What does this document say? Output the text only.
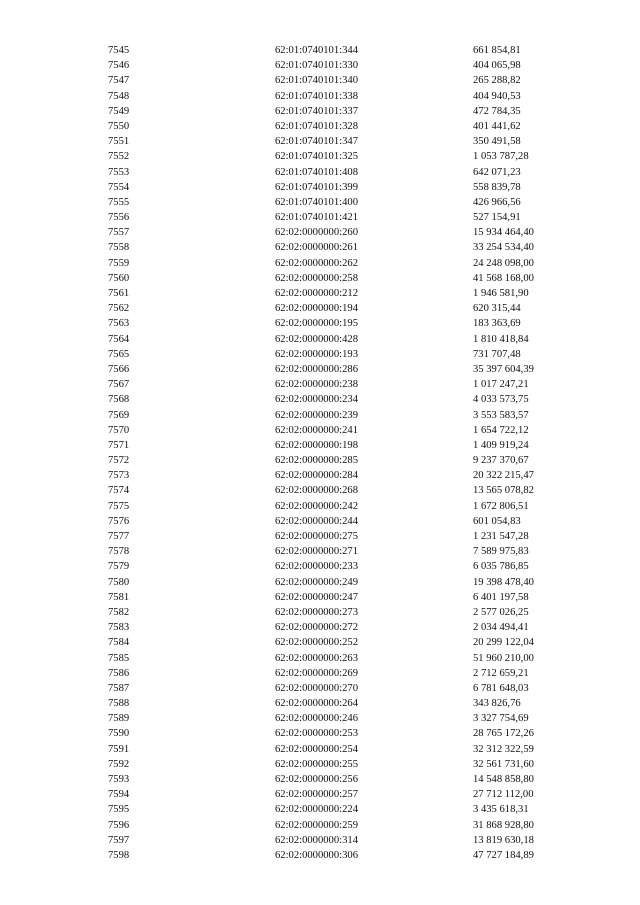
7545	62:01:0740101:344	661 854,81
7546	62:01:0740101:330	404 065,98
7547	62:01:0740101:340	265 288,82
7548	62:01:0740101:338	404 940,53
7549	62:01:0740101:337	472 784,35
7550	62:01:0740101:328	401 441,62
7551	62:01:0740101:347	350 491,58
7552	62:01:0740101:325	1 053 787,28
7553	62:01:0740101:408	642 071,23
7554	62:01:0740101:399	558 839,78
7555	62:01:0740101:400	426 966,56
7556	62:01:0740101:421	527 154,91
7557	62:02:0000000:260	15 934 464,40
7558	62:02:0000000:261	33 254 534,40
7559	62:02:0000000:262	24 248 098,00
7560	62:02:0000000:258	41 568 168,00
7561	62:02:0000000:212	1 946 581,90
7562	62:02:0000000:194	620 315,44
7563	62:02:0000000:195	183 363,69
7564	62:02:0000000:428	1 810 418,84
7565	62:02:0000000:193	731 707,48
7566	62:02:0000000:286	35 397 604,39
7567	62:02:0000000:238	1 017 247,21
7568	62:02:0000000:234	4 033 573,75
7569	62:02:0000000:239	3 553 583,57
7570	62:02:0000000:241	1 654 722,12
7571	62:02:0000000:198	1 409 919,24
7572	62:02:0000000:285	9 237 370,67
7573	62:02:0000000:284	20 322 215,47
7574	62:02:0000000:268	13 565 078,82
7575	62:02:0000000:242	1 672 806,51
7576	62:02:0000000:244	601 054,83
7577	62:02:0000000:275	1 231 547,28
7578	62:02:0000000:271	7 589 975,83
7579	62:02:0000000:233	6 035 786,85
7580	62:02:0000000:249	19 398 478,40
7581	62:02:0000000:247	6 401 197,58
7582	62:02:0000000:273	2 577 026,25
7583	62:02:0000000:272	2 034 494,41
7584	62:02:0000000:252	20 299 122,04
7585	62:02:0000000:263	51 960 210,00
7586	62:02:0000000:269	2 712 659,21
7587	62:02:0000000:270	6 781 648,03
7588	62:02:0000000:264	343 826,76
7589	62:02:0000000:246	3 327 754,69
7590	62:02:0000000:253	28 765 172,26
7591	62:02:0000000:254	32 312 322,59
7592	62:02:0000000:255	32 561 731,60
7593	62:02:0000000:256	14 548 858,80
7594	62:02:0000000:257	27 712 112,00
7595	62:02:0000000:224	3 435 618,31
7596	62:02:0000000:259	31 868 928,80
7597	62:02:0000000:314	13 819 630,18
7598	62:02:0000000:306	47 727 184,89
